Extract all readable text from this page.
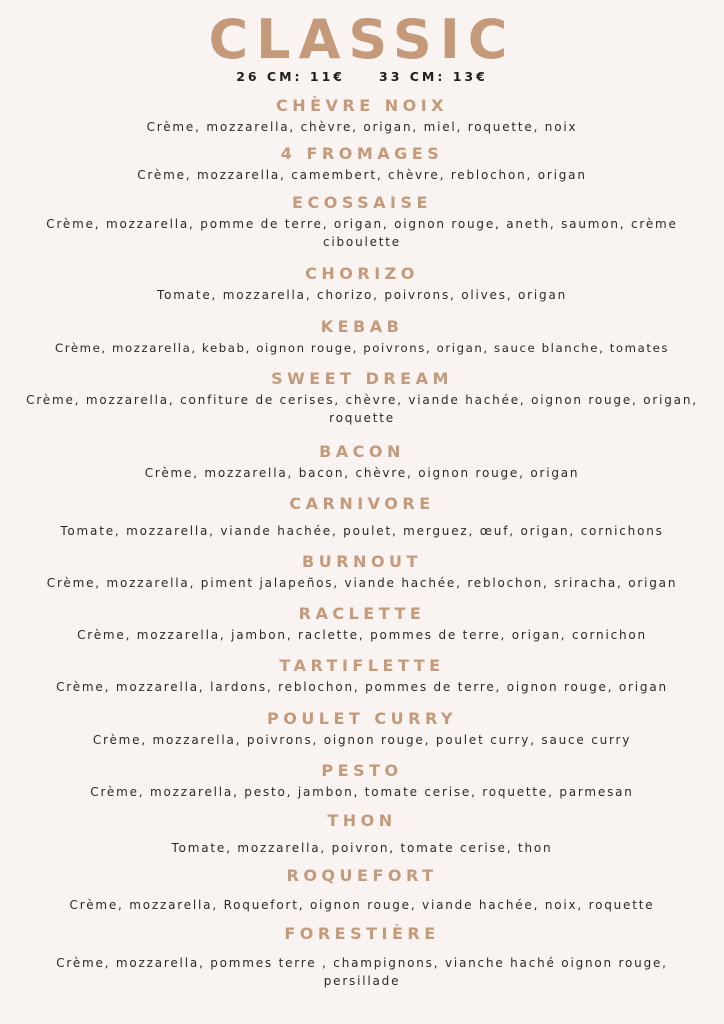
CLASSIC
26 CM: 11€	33 CM: 13€
CHÈVRE NOIX
Crème, mozzarella, chèvre, origan, miel, roquette, noix
4 FROMAGES
Crème, mozzarella, camembert, chèvre, reblochon, origan
ECOSSAISE
Crème, mozzarella, pomme de terre, origan, oignon rouge, aneth, saumon, crème ciboulette
CHORIZO
Tomate, mozzarella, chorizo, poivrons, olives, origan
KEBAB
Crème, mozzarella, kebab, oignon rouge, poivrons, origan, sauce blanche, tomates
SWEET DREAM
Crème, mozzarella, confiture de cerises, chèvre, viande hachée, oignon rouge, origan, roquette
BACON
Crème, mozzarella, bacon, chèvre, oignon rouge, origan
CARNIVORE
Tomate, mozzarella, viande hachée, poulet, merguez, œuf, origan, cornichons
BURNOUT
Crème, mozzarella, piment jalapeños, viande hachée, reblochon, sriracha, origan
RACLETTE
Crème, mozzarella, jambon, raclette, pommes de terre, origan, cornichon
TARTIFLETTE
Crème, mozzarella, lardons, reblochon, pommes de terre, oignon rouge, origan
POULET CURRY
Crème, mozzarella, poivrons, oignon rouge, poulet curry, sauce curry
PESTO
Crème, mozzarella, pesto, jambon, tomate cerise, roquette, parmesan
THON
Tomate, mozzarella, poivron, tomate cerise, thon
ROQUEFORT
Crème, mozzarella, Roquefort, oignon rouge, viande hachée, noix, roquette
FORESTIÈRE
Crème, mozzarella, pommes terre , champignons, vianche haché oignon rouge, persillade
